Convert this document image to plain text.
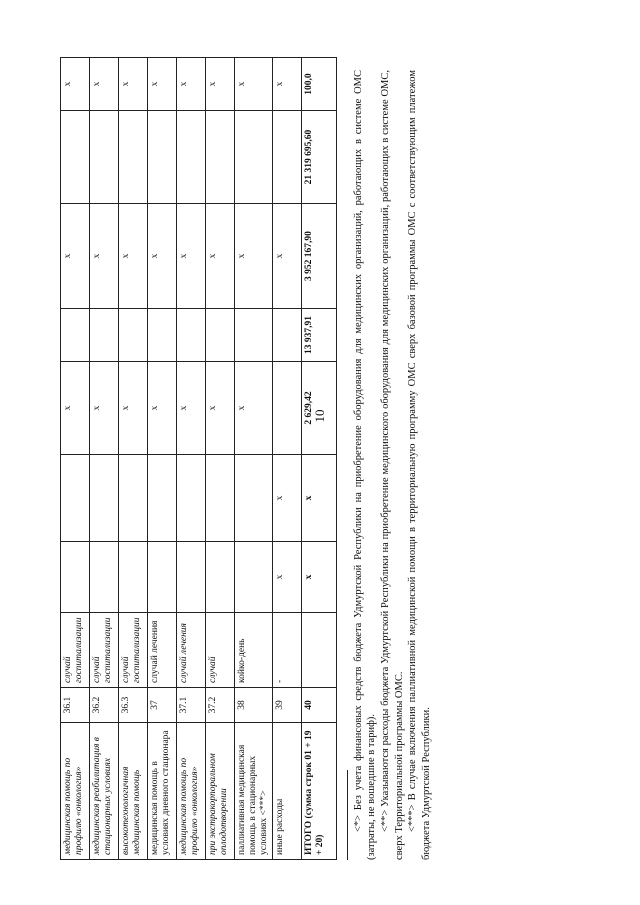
10
медицинская помощь по профилю «онкология»	36.1	случай госпитализации			х		х		х
медицинская реабилитация в стационарных условиях	36.2	случай госпитализации			х		х		х
высокотехнологичная медицинская помощь	36.3	случай госпитализации			х		х		х
медицинская помощь в условиях дневного стационара	37	случай лечения			х		х		х
медицинская помощь по профилю «онкология»	37.1	случай лечения			х		х		х
при экстракорпоральном оплодотворении	37.2	случай			х		х		х
паллиативная медицинская помощь в стационарных условиях <***>	38	койко-день			х		х		х
иные расходы	39	-	х	х			х		х
ИТОГО (сумма строк 01 + 19 + 20)	40		х	х	2 629,42	13 937,91	3 952 167,90	21 319 695,60	100,0	<*> Без учета финансовых средств бюджета Удмуртской Республики на приобретение оборудования для медицинских организаций, работающих в системе ОМС (затраты, не вошедшие в тариф). <**> Указываются расходы бюджета Удмуртской Республики на приобретение медицинского оборудования для медицинских организаций, работающих в системе ОМС, сверх Территориальной программы ОМС. <***> В случае включения паллиативной медицинской помощи в территориальную программу ОМС сверх базовой программы ОМС с соответствующим платежом бюджета Удмуртской Республики.
